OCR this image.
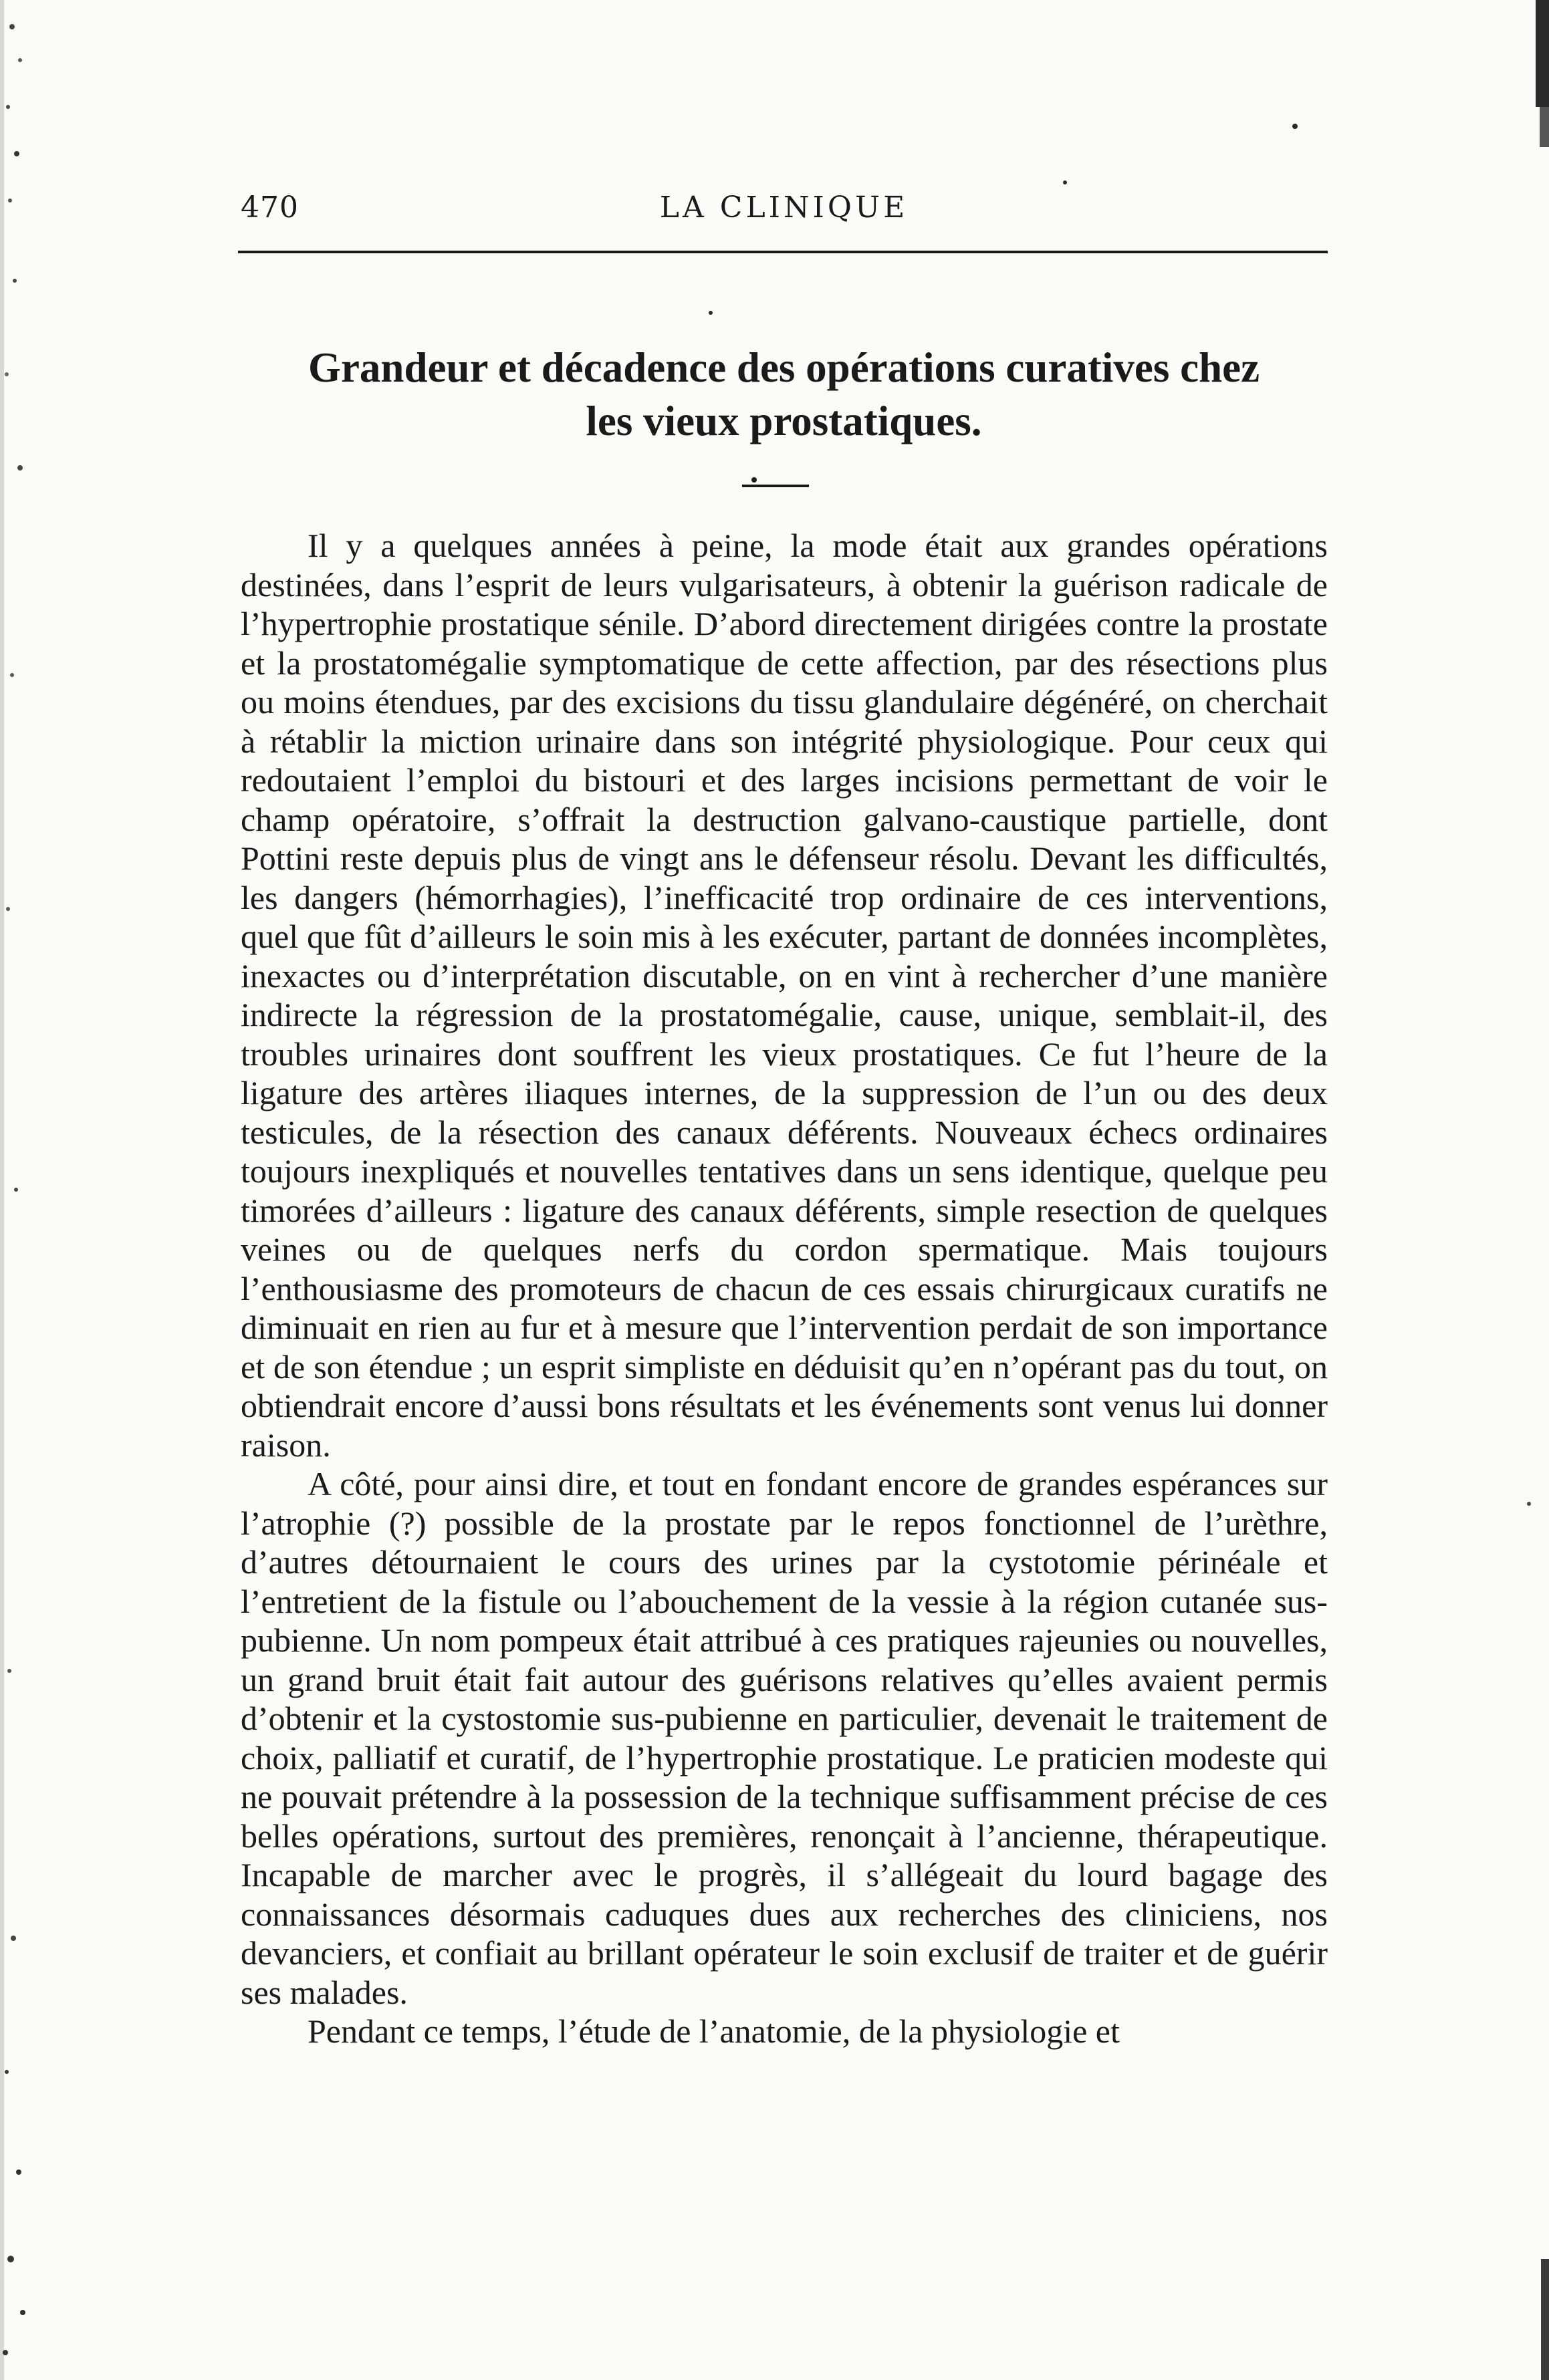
470	LA CLINIQUE
Grandeur et décadence des opérations curatives chez
les vieux prostatiques.

Il y a quelques années à peine, la mode était aux grandes opérations destinées, dans l’esprit de leurs vulgarisateurs, à obtenir la guérison radicale de l’hypertrophie prostatique sénile. D’abord directement dirigées contre la prostate et la prostatomégalie symptomatique de cette affection, par des résections plus ou moins étendues, par des excisions du tissu glandulaire dégénéré, on cherchait à rétablir la miction urinaire dans son intégrité physiologique. Pour ceux qui redoutaient l’emploi du bistouri et des larges incisions permettant de voir le champ opératoire, s’offrait la destruction galvano-caustique partielle, dont Pottini reste depuis plus de vingt ans le défenseur résolu. Devant les difficultés, les dangers (hémorrhagies), l’inefficacité trop ordinaire de ces interventions, quel que fût d’ailleurs le soin mis à les exécuter, partant de données incomplètes, inexactes ou d’interprétation discutable, on en vint à rechercher d’une manière indirecte la régression de la prostatomégalie, cause, unique, semblait-il, des troubles urinaires dont souffrent les vieux prostatiques. Ce fut l’heure de la ligature des artères iliaques internes, de la suppression de l’un ou des deux testicules, de la résection des canaux déférents. Nouveaux échecs ordinaires toujours inexpliqués et nouvelles tentatives dans un sens identique, quelque peu timorées d’ailleurs : ligature des canaux déférents, simple resection de quelques veines ou de quelques nerfs du cordon spermatique. Mais toujours l’enthousiasme des promoteurs de chacun de ces essais chirurgicaux curatifs ne diminuait en rien au fur et à mesure que l’intervention perdait de son importance et de son étendue ; un esprit simpliste en déduisit qu’en n’opérant pas du tout, on obtiendrait encore d’aussi bons résultats et les événements sont venus lui donner raison.

A côté, pour ainsi dire, et tout en fondant encore de grandes espérances sur l’atrophie (?) possible de la prostate par le repos fonctionnel de l’urèthre, d’autres détournaient le cours des urines par la cystotomie périnéale et l’entretient de la fistule ou l’abouchement de la vessie à la région cutanée sus-pubienne. Un nom pompeux était attribué à ces pratiques rajeunies ou nouvelles, un grand bruit était fait autour des guérisons relatives qu’elles avaient permis d’obtenir et la cystostomie sus-pubienne en particulier, devenait le traitement de choix, palliatif et curatif, de l’hypertrophie prostatique. Le praticien modeste qui ne pouvait prétendre à la possession de la technique suffisamment précise de ces belles opérations, surtout des premières, renonçait à l’ancienne, thérapeutique. Incapable de marcher avec le progrès, il s’allégeait du lourd bagage des connaissances désormais caduques dues aux recherches des cliniciens, nos devanciers, et confiait au brillant opérateur le soin exclusif de traiter et de guérir ses malades.

Pendant ce temps, l’étude de l’anatomie, de la physiologie et
